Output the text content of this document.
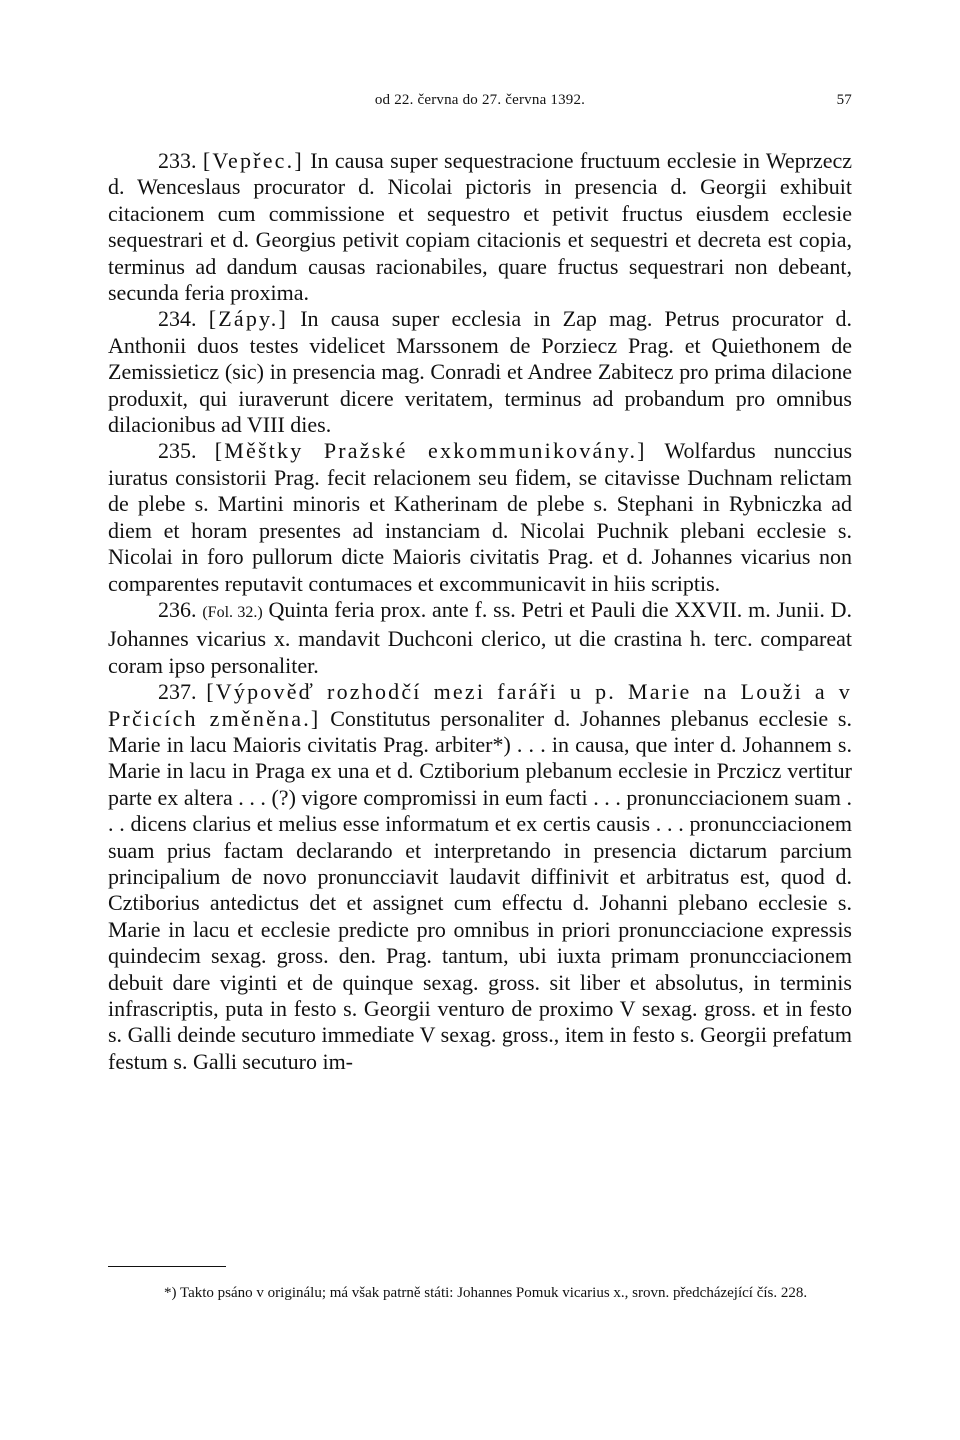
od 22. června do 27. června 1392.	57

233. [Vepřec.] In causa super sequestracione fructuum ecclesie in Weprzecz d. Wenceslaus procurator d. Nicolai pictoris in presencia d. Georgii exhibuit citacionem cum commissione et sequestro et petivit fructus eiusdem ecclesie sequestrari et d. Georgius petivit copiam citacionis et sequestri et decreta est copia, terminus ad dandum causas racionabiles, quare fructus sequestrari non debeant, secunda feria proxima.

234. [Zápy.] In causa super ecclesia in Zap mag. Petrus procurator d. Anthonii duos testes videlicet Marssonem de Porziecz Prag. et Quiethonem de Zemissieticz (sic) in presencia mag. Conradi et Andree Zabitecz pro prima dilacione produxit, qui iuraverunt dicere veritatem, terminus ad probandum pro omnibus dilacionibus ad VIII dies.

235. [Měštky Pražské exkommunikovány.] Wolfardus nunccius iuratus consistorii Prag. fecit relacionem seu fidem, se citavisse Duchnam relictam de plebe s. Martini minoris et Katherinam de plebe s. Stephani in Rybniczka ad diem et horam presentes ad instanciam d. Nicolai Puchnik plebani ecclesie s. Nicolai in foro pullorum dicte Maioris civitatis Prag. et d. Johannes vicarius non comparentes reputavit contumaces et excommunicavit in hiis scriptis.

236. (Fol. 32.) Quinta feria prox. ante f. ss. Petri et Pauli die XXVII. m. Junii. D. Johannes vicarius x. mandavit Duchconi clerico, ut die crastina h. terc. compareat coram ipso personaliter.

237. [Výpověď rozhodčí mezi faráři u p. Marie na Louži a v Prčicích změněna.] Constitutus personaliter d. Johannes plebanus ecclesie s. Marie in lacu Maioris civitatis Prag. arbiter*) . . . in causa, que inter d. Johannem s. Marie in lacu in Praga ex una et d. Cztiborium plebanum ecclesie in Prczicz vertitur parte ex altera . . . (?) vigore compromissi in eum facti . . . pronuncciacionem suam . . . dicens clarius et melius esse informatum et ex certis causis . . . pronuncciacionem suam prius factam declarando et interpretando in presencia dictarum parcium principalium de novo pronuncciavit laudavit diffinivit et arbitratus est, quod d. Cztiborius antedictus det et assignet cum effectu d. Johanni plebano ecclesie s. Marie in lacu et ecclesie predicte pro omnibus in priori pronuncciacione expressis quindecim sexag. gross. den. Prag. tantum, ubi iuxta primam pronuncciacionem debuit dare viginti et de quinque sexag. gross. sit liber et absolutus, in terminis infrascriptis, puta in festo s. Georgii venturo de proximo V sexag. gross. et in festo s. Galli deinde secuturo immediate V sexag. gross., item in festo s. Georgii prefatum festum s. Galli secuturo im-

*) Takto psáno v originálu; má však patrně státi: Johannes Pomuk vicarius x., srovn. předcházející čís. 228.
